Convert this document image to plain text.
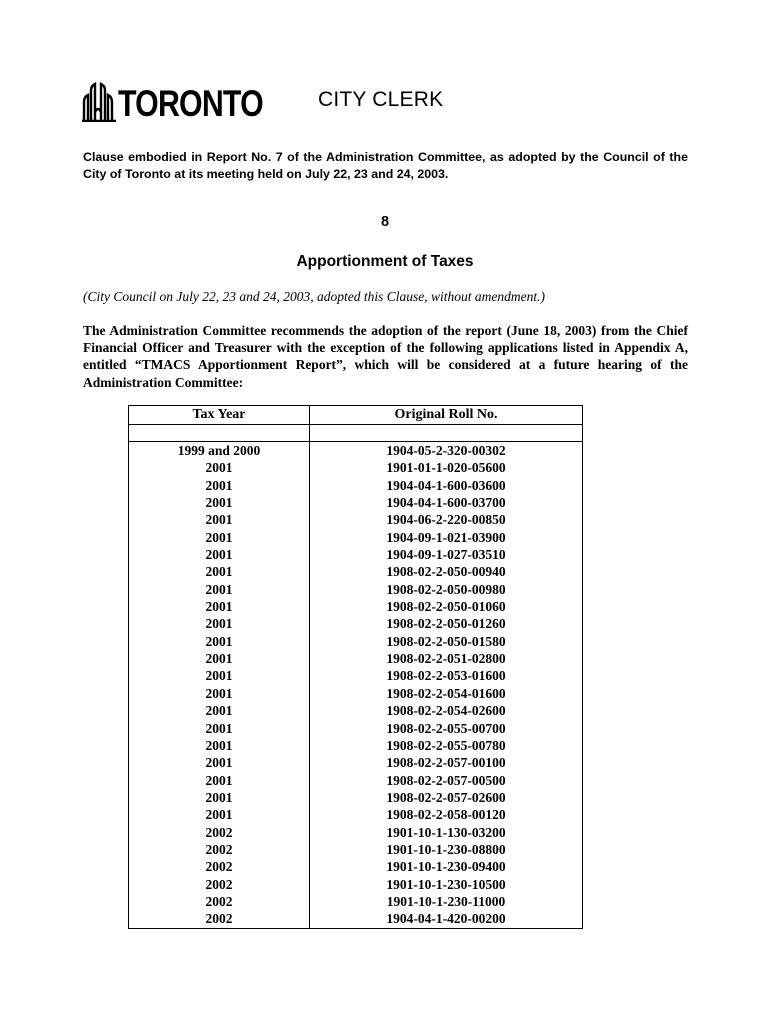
TORONTO	CITY CLERK
Clause embodied in Report No. 7 of the Administration Committee, as adopted by the Council of the City of Toronto at its meeting held on July 22, 23 and 24, 2003.
8
Apportionment of Taxes
(City Council on July 22, 23 and 24, 2003, adopted this Clause, without amendment.)
The Administration Committee recommends the adoption of the report (June 18, 2003) from the Chief Financial Officer and Treasurer with the exception of the following applications listed in Appendix A, entitled “TMACS Apportionment Report”, which will be considered at a future hearing of the Administration Committee:
Tax Year	Original Roll No.

1999 and 2000	1904-05-2-320-00302
2001	1901-01-1-020-05600
2001	1904-04-1-600-03600
2001	1904-04-1-600-03700
2001	1904-06-2-220-00850
2001	1904-09-1-021-03900
2001	1904-09-1-027-03510
2001	1908-02-2-050-00940
2001	1908-02-2-050-00980
2001	1908-02-2-050-01060
2001	1908-02-2-050-01260
2001	1908-02-2-050-01580
2001	1908-02-2-051-02800
2001	1908-02-2-053-01600
2001	1908-02-2-054-01600
2001	1908-02-2-054-02600
2001	1908-02-2-055-00700
2001	1908-02-2-055-00780
2001	1908-02-2-057-00100
2001	1908-02-2-057-00500
2001	1908-02-2-057-02600
2001	1908-02-2-058-00120
2002	1901-10-1-130-03200
2002	1901-10-1-230-08800
2002	1901-10-1-230-09400
2002	1901-10-1-230-10500
2002	1901-10-1-230-11000
2002	1904-04-1-420-00200
